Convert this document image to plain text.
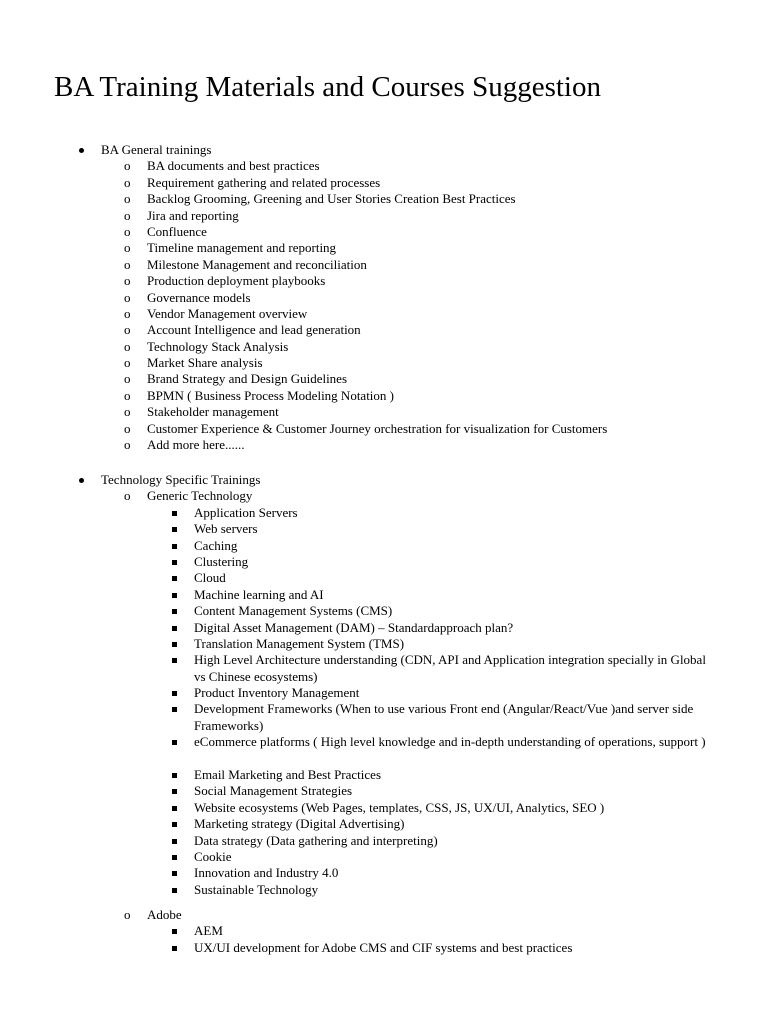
BA Training Materials and Courses Suggestion
BA General trainings
o BA documents and best practices
o Requirement gathering and related processes
o Backlog Grooming, Greening and User Stories Creation Best Practices
o Jira and reporting
o Confluence
o Timeline management and reporting
o Milestone Management and reconciliation
o Production deployment playbooks
o Governance models
o Vendor Management overview
o Account Intelligence and lead generation
o Technology Stack Analysis
o Market Share analysis
o Brand Strategy and Design Guidelines
o BPMN ( Business Process Modeling Notation )
o Stakeholder management
o Customer Experience & Customer Journey orchestration for visualization for Customers
o Add more here......
Technology Specific Trainings
o Generic Technology
Application Servers
Web servers
Caching
Clustering
Cloud
Machine learning and AI
Content Management Systems (CMS)
Digital Asset Management (DAM) – Standardapproach plan?
Translation Management System (TMS)
High Level Architecture understanding (CDN, API and Application integration specially in Global vs Chinese ecosystems)
Product Inventory Management
Development Frameworks (When to use various Front end (Angular/React/Vue )and server side Frameworks)
eCommerce platforms ( High level knowledge and in-depth understanding of operations, support )
Email Marketing and Best Practices
Social Management Strategies
Website ecosystems (Web Pages, templates, CSS, JS, UX/UI, Analytics, SEO )
Marketing strategy (Digital Advertising)
Data strategy (Data gathering and interpreting)
Cookie
Innovation and Industry 4.0
Sustainable Technology
o Adobe
AEM
UX/UI development for Adobe CMS and CIF systems and best practices
